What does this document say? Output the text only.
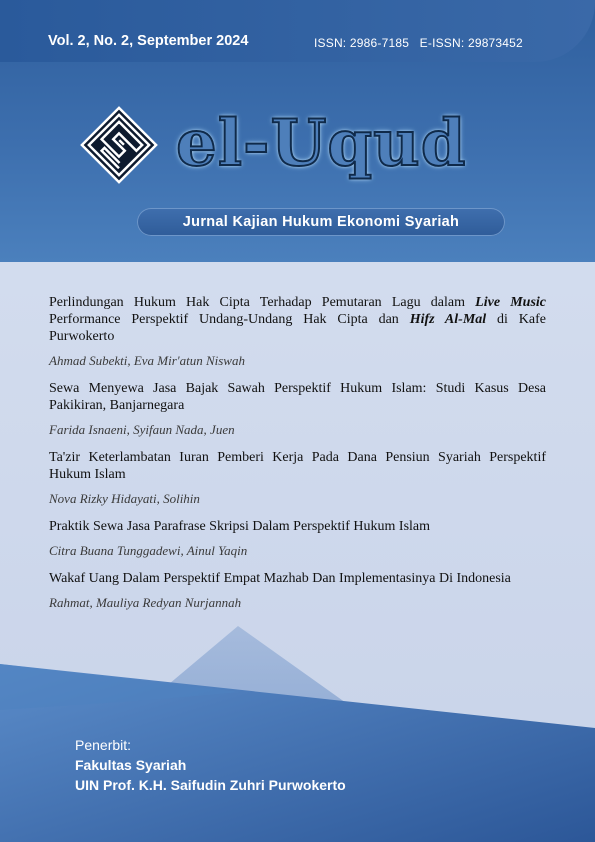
Vol. 2, No. 2, September 2024	ISSN: 2986-7185   E-ISSN: 29873452
el-Uqud
Jurnal Kajian Hukum Ekonomi Syariah

Perlindungan Hukum Hak Cipta Terhadap Pemutaran Lagu dalam Live Music Performance Perspektif Undang-Undang Hak Cipta dan Hifz Al-Mal di Kafe Purwokerto

Ahmad Subekti, Eva Mir'atun Niswah

Sewa Menyewa Jasa Bajak Sawah Perspektif Hukum Islam: Studi Kasus Desa Pakikiran, Banjarnegara

Farida Isnaeni, Syifaun Nada, Juen

Ta'zir Keterlambatan Iuran Pemberi Kerja Pada Dana Pensiun Syariah Perspektif Hukum Islam

Nova Rizky Hidayati, Solihin

Praktik Sewa Jasa Parafrase Skripsi Dalam Perspektif Hukum Islam

Citra Buana Tunggadewi, Ainul Yaqin

Wakaf Uang Dalam Perspektif Empat Mazhab Dan Implementasinya Di Indonesia

Rahmat, Mauliya Redyan Nurjannah

Penerbit:

Fakultas Syariah

UIN Prof. K.H. Saifudin Zuhri Purwokerto
